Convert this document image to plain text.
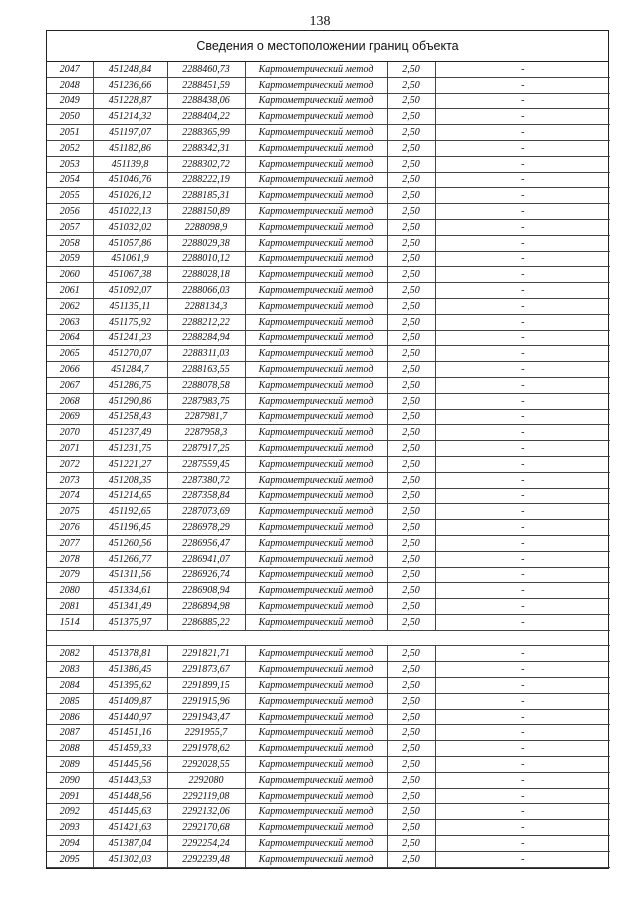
138
Сведения о местоположении границ объекта
2047	451248,84	2288460,73	Картометрический метод	2,50	-
2048	451236,66	2288451,59	Картометрический метод	2,50	-
2049	451228,87	2288438,06	Картометрический метод	2,50	-
2050	451214,32	2288404,22	Картометрический метод	2,50	-
2051	451197,07	2288365,99	Картометрический метод	2,50	-
2052	451182,86	2288342,31	Картометрический метод	2,50	-
2053	451139,8	2288302,72	Картометрический метод	2,50	-
2054	451046,76	2288222,19	Картометрический метод	2,50	-
2055	451026,12	2288185,31	Картометрический метод	2,50	-
2056	451022,13	2288150,89	Картометрический метод	2,50	-
2057	451032,02	2288098,9	Картометрический метод	2,50	-
2058	451057,86	2288029,38	Картометрический метод	2,50	-
2059	451061,9	2288010,12	Картометрический метод	2,50	-
2060	451067,38	2288028,18	Картометрический метод	2,50	-
2061	451092,07	2288066,03	Картометрический метод	2,50	-
2062	451135,11	2288134,3	Картометрический метод	2,50	-
2063	451175,92	2288212,22	Картометрический метод	2,50	-
2064	451241,23	2288284,94	Картометрический метод	2,50	-
2065	451270,07	2288311,03	Картометрический метод	2,50	-
2066	451284,7	2288163,55	Картометрический метод	2,50	-
2067	451286,75	2288078,58	Картометрический метод	2,50	-
2068	451290,86	2287983,75	Картометрический метод	2,50	-
2069	451258,43	2287981,7	Картометрический метод	2,50	-
2070	451237,49	2287958,3	Картометрический метод	2,50	-
2071	451231,75	2287917,25	Картометрический метод	2,50	-
2072	451221,27	2287559,45	Картометрический метод	2,50	-
2073	451208,35	2287380,72	Картометрический метод	2,50	-
2074	451214,65	2287358,84	Картометрический метод	2,50	-
2075	451192,65	2287073,69	Картометрический метод	2,50	-
2076	451196,45	2286978,29	Картометрический метод	2,50	-
2077	451260,56	2286956,47	Картометрический метод	2,50	-
2078	451266,77	2286941,07	Картометрический метод	2,50	-
2079	451311,56	2286926,74	Картометрический метод	2,50	-
2080	451334,61	2286908,94	Картометрический метод	2,50	-
2081	451341,49	2286894,98	Картометрический метод	2,50	-
1514	451375,97	2286885,22	Картометрический метод	2,50	-

2082	451378,81	2291821,71	Картометрический метод	2,50	-
2083	451386,45	2291873,67	Картометрический метод	2,50	-
2084	451395,62	2291899,15	Картометрический метод	2,50	-
2085	451409,87	2291915,96	Картометрический метод	2,50	-
2086	451440,97	2291943,47	Картометрический метод	2,50	-
2087	451451,16	2291955,7	Картометрический метод	2,50	-
2088	451459,33	2291978,62	Картометрический метод	2,50	-
2089	451445,56	2292028,55	Картометрический метод	2,50	-
2090	451443,53	2292080	Картометрический метод	2,50	-
2091	451448,56	2292119,08	Картометрический метод	2,50	-
2092	451445,63	2292132,06	Картометрический метод	2,50	-
2093	451421,63	2292170,68	Картометрический метод	2,50	-
2094	451387,04	2292254,24	Картометрический метод	2,50	-
2095	451302,03	2292239,48	Картометрический метод	2,50	-
